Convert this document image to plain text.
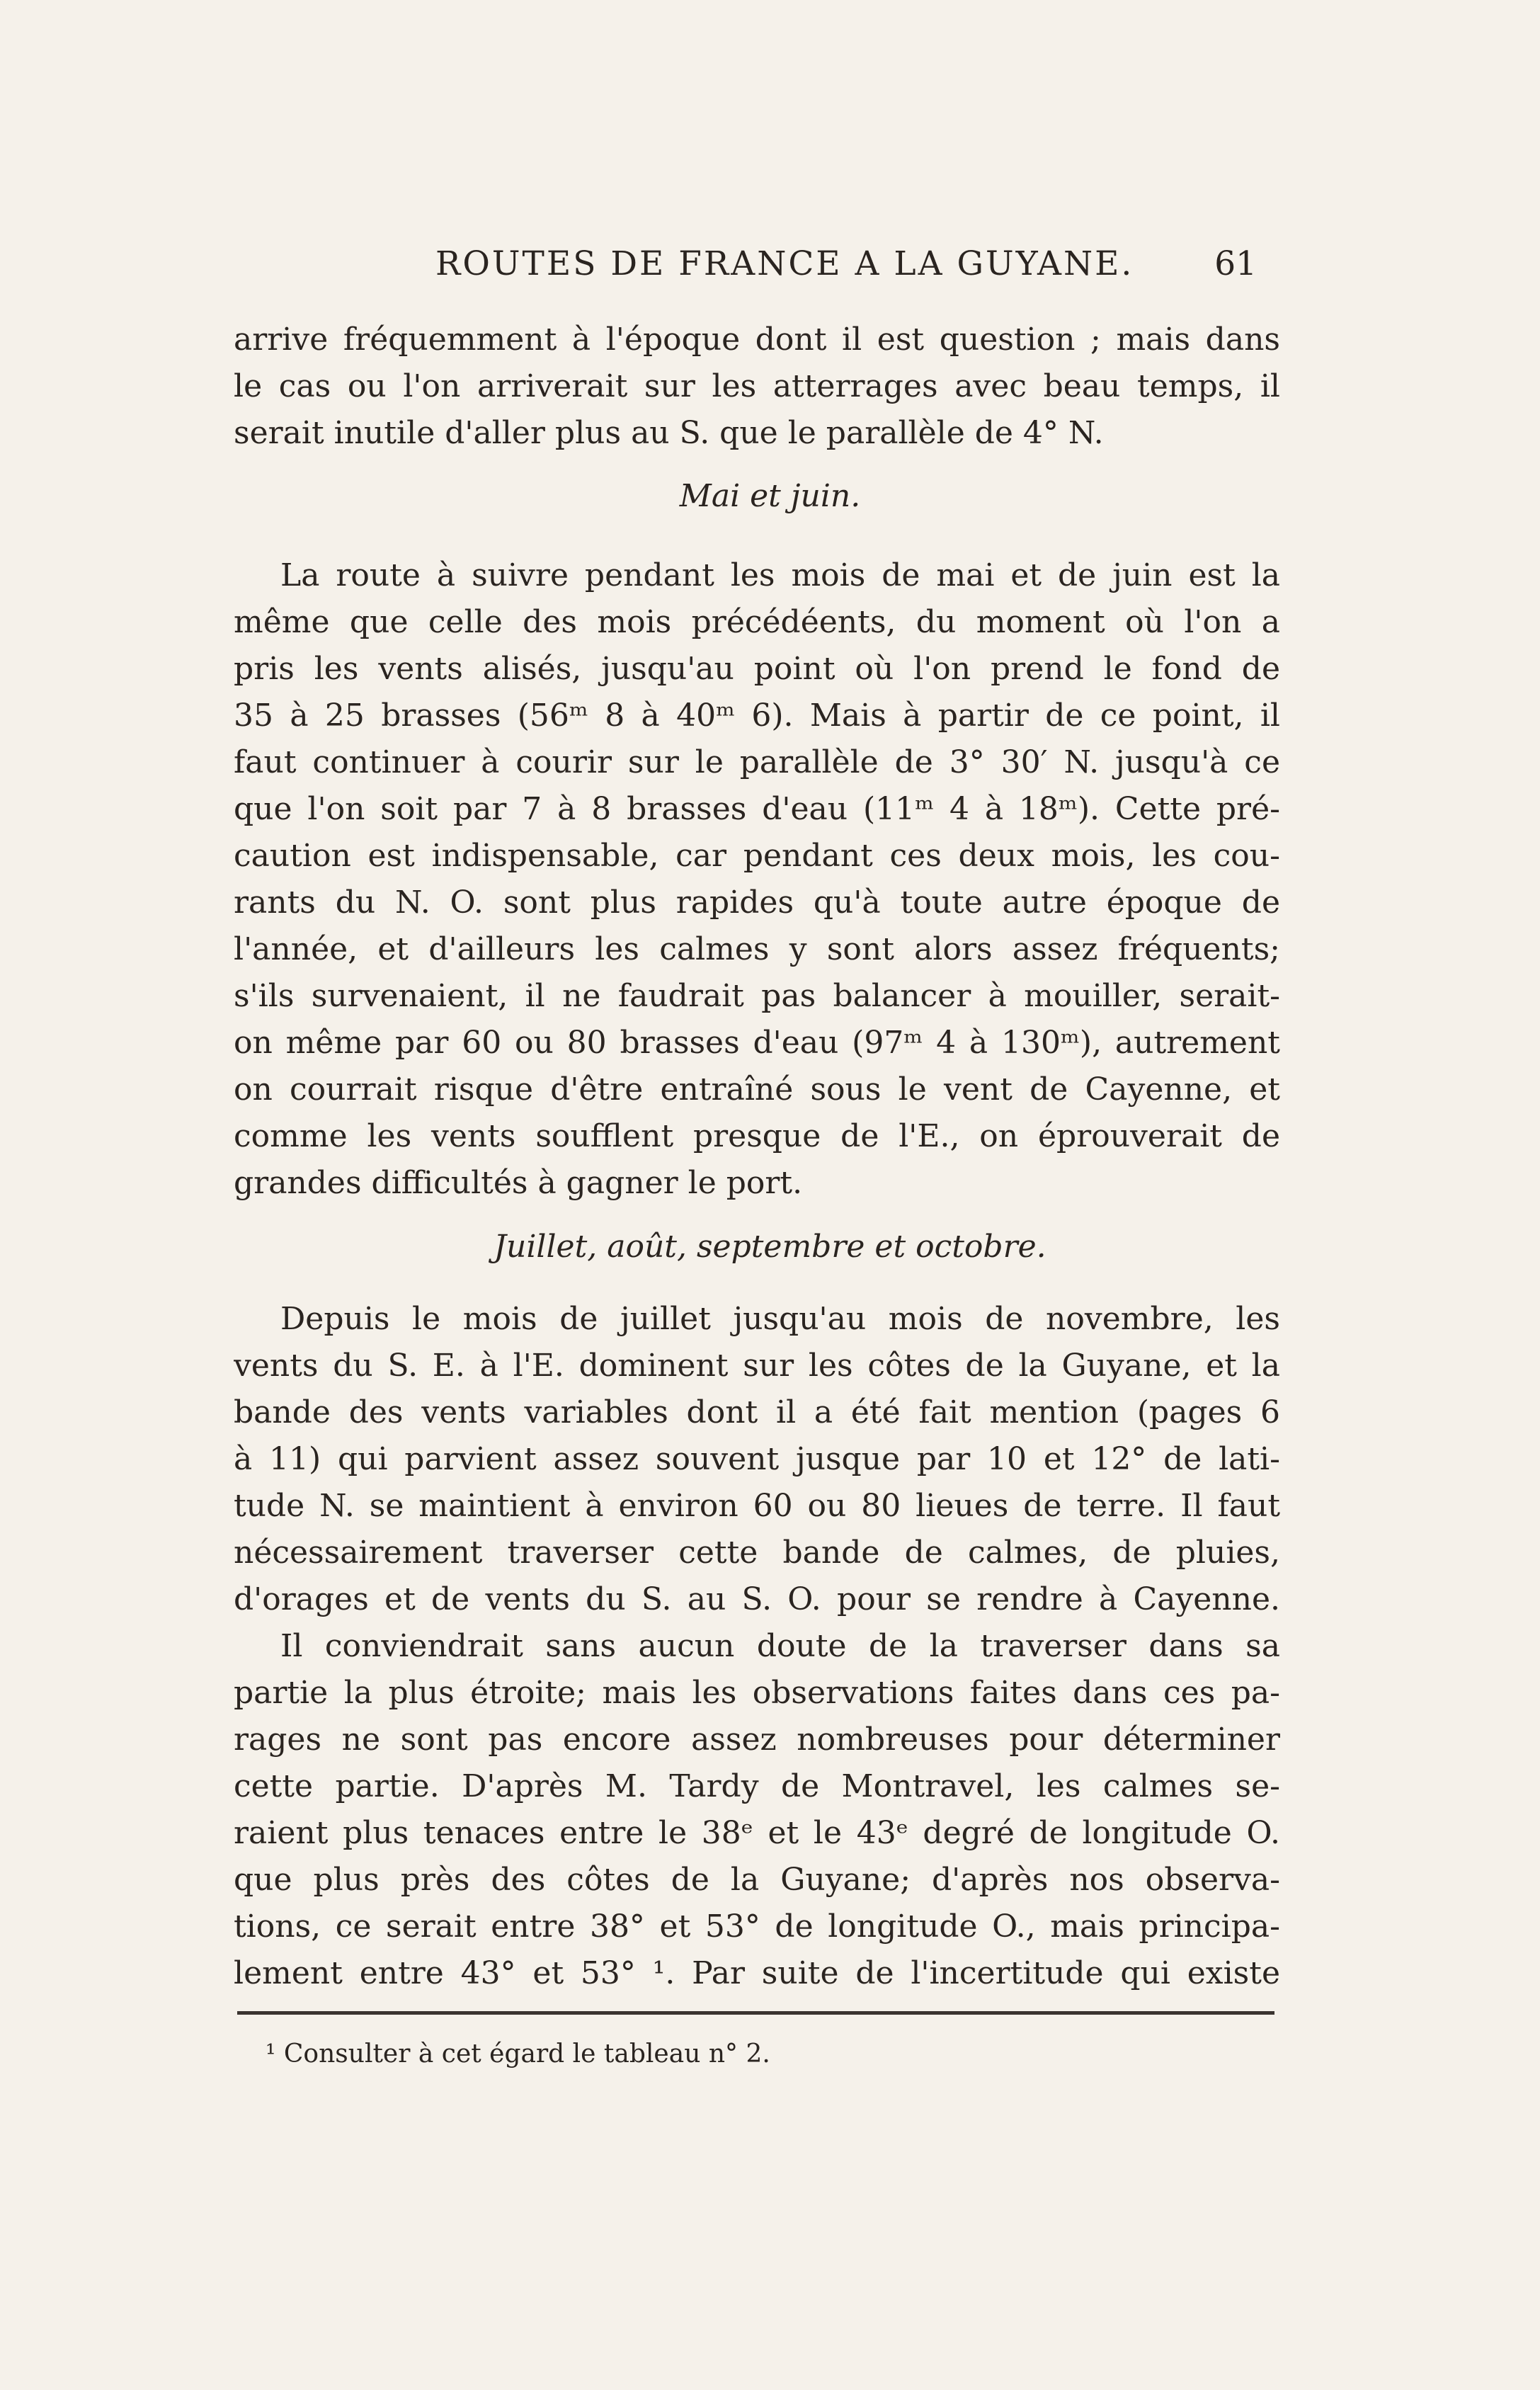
ROUTES DE FRANCE A LA GUYANE. 61
arrive fréquemment à l'époque dont il est question ; mais dans
le cas ou l'on arriverait sur les atterrages avec beau temps, il
serait inutile d'aller plus au S. que le parallèle de 4° N.
Mai et juin.
La route à suivre pendant les mois de mai et de juin est la
même que celle des mois précédéents, du moment où l'on a
pris les vents alisés, jusqu'au point où l'on prend le fond de
35 à 25 brasses (56ᵐ 8 à 40ᵐ 6). Mais à partir de ce point, il
faut continuer à courir sur le parallèle de 3° 30′ N. jusqu'à ce
que l'on soit par 7 à 8 brasses d'eau (11ᵐ 4 à 18ᵐ). Cette pré-
caution est indispensable, car pendant ces deux mois, les cou-
rants du N. O. sont plus rapides qu'à toute autre époque de
l'année, et d'ailleurs les calmes y sont alors assez fréquents;
s'ils survenaient, il ne faudrait pas balancer à mouiller, serait-
on même par 60 ou 80 brasses d'eau (97ᵐ 4 à 130ᵐ), autrement
on courrait risque d'être entraîné sous le vent de Cayenne, et
comme les vents soufflent presque de l'E., on éprouverait de
grandes difficultés à gagner le port.
Juillet, août, septembre et octobre.
Depuis le mois de juillet jusqu'au mois de novembre, les
vents du S. E. à l'E. dominent sur les côtes de la Guyane, et la
bande des vents variables dont il a été fait mention (pages 6
à 11) qui parvient assez souvent jusque par 10 et 12° de lati-
tude N. se maintient à environ 60 ou 80 lieues de terre. Il faut
nécessairement traverser cette bande de calmes, de pluies,
d'orages et de vents du S. au S. O. pour se rendre à Cayenne.
Il conviendrait sans aucun doute de la traverser dans sa
partie la plus étroite; mais les observations faites dans ces pa-
rages ne sont pas encore assez nombreuses pour déterminer
cette partie. D'après M. Tardy de Montravel, les calmes se-
raient plus tenaces entre le 38ᵉ et le 43ᵉ degré de longitude O.
que plus près des côtes de la Guyane; d'après nos observa-
tions, ce serait entre 38° et 53° de longitude O., mais principa-
lement entre 43° et 53° ¹. Par suite de l'incertitude qui existe
¹ Consulter à cet égard le tableau n° 2.
